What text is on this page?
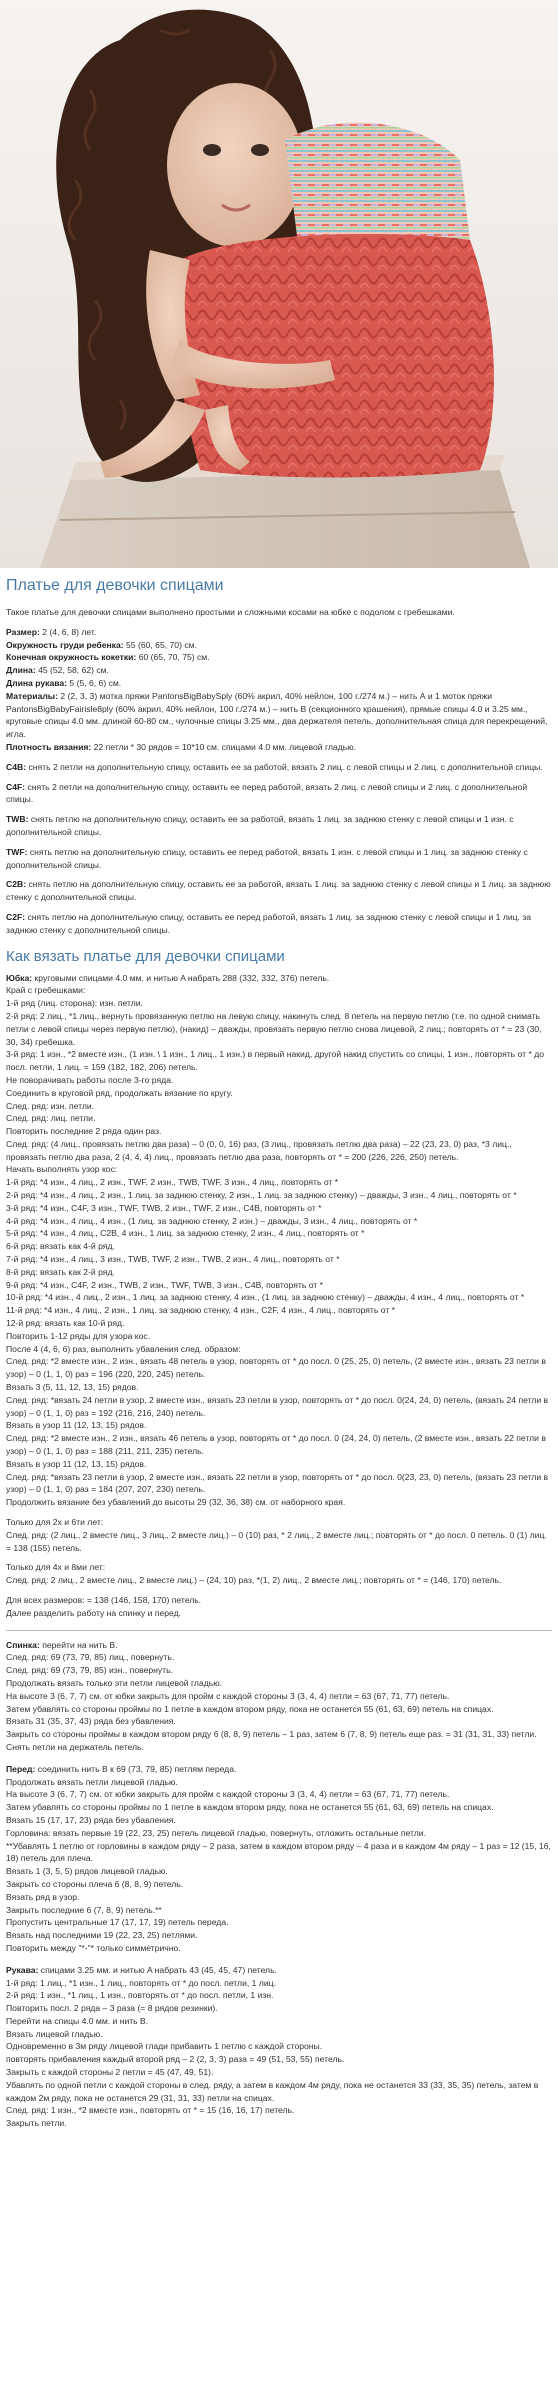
Платье для девочки спицами

Такое платье для девочки спицами выполнено простыми и сложными косами на юбке с подолом с гребешками.

Размер: 2 (4, 6, 8) лет.

Окружность груди ребенка: 55 (60, 65, 70) см.

Конечная окружность кокетки: 60 (65, 70, 75) см.

Длина: 45 (52, 58, 62) см.

Длина рукава: 5 (5, 6, 6) см.

Материалы: 2 (2, 3, 3) мотка пряжи PantonsBigBabySply (60% акрил, 40% нейлон, 100 г./274 м.) – нить А и 1 моток пряжи PantonsBigBabyFairisle8ply (60% акрил, 40% нейлон, 100 г./274 м.) – нить B (секционного крашения), прямые спицы 4.0 и 3.25 мм., круговые спицы 4.0 мм. длиной 60-80 см., чулочные спицы 3.25 мм., два держателя петель, дополнительная спица для перекрещений, игла.

Плотность вязания: 22 петли * 30 рядов = 10*10 см. спицами 4.0 мм. лицевой гладью.

C4B: снять 2 петли на дополнительную спицу, оставить ее за работой, вязать 2 лиц. с левой спицы и 2 лиц. с дополнительной спицы.

C4F: снять 2 петли на дополнительную спицу, оставить ее перед работой, вязать 2 лиц. с левой спицы и 2 лиц. с дополнительной спицы.

TWB: снять петлю на дополнительную спицу, оставить ее за работой, вязать 1 лиц. за заднюю стенку с левой спицы и 1 изн. с дополнительной спицы.

TWF: снять петлю на дополнительную спицу, оставить ее перед работой, вязать 1 изн. с левой спицы и 1 лиц. за заднюю стенку с дополнительной спицы.

C2B: снять петлю на дополнительную спицу, оставить ее за работой, вязать 1 лиц. за заднюю стенку с левой спицы и 1 лиц. за заднюю стенку с дополнительной спицы.

C2F: снять петлю на дополнительную спицу, оставить ее перед работой, вязать 1 лиц. за заднюю стенку с левой спицы и 1 лиц. за заднюю стенку с дополнительной спицы.

Как вязать платье для девочки спицами

Юбка: круговыми спицами 4.0 мм. и нитью A набрать 288 (332, 332, 376) петель.

Край с гребешками:

1-й ряд (лиц. сторона): изн. петли.

2-й ряд: 2 лиц., *1 лиц., вернуть провязанную петлю на левую спицу, накинуть след. 8 петель на первую петлю (т.е. по одной снимать петли с левой спицы через первую петлю), (накид) – дважды, провязать первую петлю снова лицевой, 2 лиц.; повторять от * = 23 (30, 30, 34) гребешка.

3-й ряд: 1 изн., *2 вместе изн., (1 изн. \ 1 изн., 1 лиц., 1 изн.) в первый накид, другой накид спустить со спицы, 1 изн., повторять от * до посл. петли, 1 лиц. = 159 (182, 182, 206) петель.

Не поворачивать работы после 3-го ряда.

Соединить в круговой ряд, продолжать вязание по кругу.

След. ряд: изн. петли.

След. ряд: лиц. петли.

Повторить последние 2 ряда один раз.

След. ряд: (4 лиц., провязать петлю два раза) – 0 (0, 0, 16) раз, (3 лиц., провязать петлю два раза) – 22 (23, 23, 0) раз, *3 лиц., провязать петлю два раза, 2 (4, 4, 4) лиц., провязать петлю два раза, повторять от * = 200 (226, 226, 250) петель.

Начать выполнять узор кос:

1-й ряд: *4 изн., 4 лиц., 2 изн., TWF, 2 изн., TWB, TWF, 3 изн., 4 лиц., повторять от *

2-й ряд: *4 изн., 4 лиц., 2 изн., 1 лиц. за заднюю стенку, 2 изн., 1 лиц. за заднюю стенку) – дважды, 3 изн., 4 лиц., повторять от *

3-й ряд: *4 изн., C4F, 3 изн., TWF, TWB, 2 изн., TWF, 2 изн., C4B, повторять от *

4-й ряд: *4 изн., 4 лиц., 4 изн., (1 лиц. за заднюю стенку, 2 изн.) – дважды, 3 изн., 4 лиц., повторять от *

5-й ряд: *4 изн., 4 лиц., C2B, 4 изн., 1 лиц. за заднюю стенку, 2 изн., 4 лиц., повторять от *

6-й ряд: вязать как 4-й ряд.

7-й ряд: *4 изн., 4 лиц., 3 изн., TWB, TWF, 2 изн., TWB, 2 изн., 4 лиц., повторять от *

8-й ряд: вязать как 2-й ряд.

9-й ряд: *4 изн., C4F, 2 изн., TWB, 2 изн., TWF, TWB, 3 изн., C4B, повторять от *

10-й ряд: *4 изн., 4 лиц., 2 изн., 1 лиц. за заднюю стенку, 4 изн., (1 лиц. за заднюю стенку) – дважды, 4 изн., 4 лиц., повторять от *

11-й ряд: *4 изн., 4 лиц., 2 изн., 1 лиц. за заднюю стенку, 4 изн., C2F, 4 изн., 4 лиц., повторять от *

12-й ряд: вязать как 10-й ряд.

Повторить 1-12 ряды для узора кос.

После 4 (4, 6, 6) раз, выполнить убавления след. образом:

След. ряд: *2 вместе изн., 2 изн., вязать 48 петель в узор, повторять от * до посл. 0 (25, 25, 0) петель, (2 вместе изн., вязать 23 петли в узор) – 0 (1, 1, 0) раз = 196 (220, 220, 245) петель.

Вязать 3 (5, 11, 12, 13, 15) рядов.

След. ряд: *вязать 24 петли в узор, 2 вместе изн., вязать 23 петли в узор, повторять от * до посл. 0(24, 24, 0) петель, (вязать 24 петли в узор) – 0 (1, 1, 0) раз = 192 (216, 216, 240) петель.

Вязать в узор 11 (12, 13, 15) рядов.

След. ряд: *2 вместе изн., 2 изн., вязать 46 петель в узор, повторять от * до посл. 0 (24, 24, 0) петель, (2 вместе изн., вязать 22 петли в узор) – 0 (1, 1, 0) раз = 188 (211, 211, 235) петель.

Вязать в узор 11 (12, 13, 15) рядов.

След. ряд: *вязать 23 петли в узор, 2 вместе изн., вязать 22 петли в узор, повторять от * до посл. 0(23, 23, 0) петель, (вязать 23 петли в узор) – 0 (1, 1, 0) раз = 184 (207, 207, 230) петель.

Продолжить вязание без убавлений до высоты 29 (32, 36, 38) см. от наборного края.

Только для 2х и 6ти лет:

След. ряд: (2 лиц., 2 вместе лиц., 3 лиц., 2 вместе лиц.) – 0 (10) раз, * 2 лиц., 2 вместе лиц.; повторять от * до посл. 0 петель. 0 (1) лиц. = 138 (155) петель.

Только для 4х и 8ми лет:

След. ряд: 2 лиц., 2 вместе лиц., 2 вместе лиц.) – (24, 10) раз, *(1, 2) лиц., 2 вместе лиц.; повторять от * = (146, 170) петель.

Для всех размеров: = 138 (146, 158, 170) петель.

Далее разделить работу на спинку и перед.

Спинка: перейти на нить B.

След. ряд: 69 (73, 79, 85) лиц., повернуть.

След. ряд: 69 (73, 79, 85) изн., повернуть.

Продолжать вязать только эти петли лицевой гладью.

На высоте 3 (6, 7, 7) см. от юбки закрыть для пройм с каждой стороны 3 (3, 4, 4) петли = 63 (67, 71, 77) петель.

Затем убавлять со стороны проймы по 1 петле в каждом втором ряду, пока не останется 55 (61, 63, 69) петель на спицах.

Вязать 31 (35, 37, 43) ряда без убавления.

Закрыть со стороны проймы в каждом втором ряду 6 (8, 8, 9) петель – 1 раз, затем 6 (7, 8, 9) петель еще раз. = 31 (31, 31, 33) петли.

Снять петли на держатель петель.

Перед: соединить нить B к 69 (73, 79, 85) петлям переда.

Продолжать вязать петли лицевой гладью.

На высоте 3 (6, 7, 7) см. от юбки закрыть для пройм с каждой стороны 3 (3, 4, 4) петли = 63 (67, 71, 77) петель.

Затем убавлять со стороны проймы по 1 петле в каждом втором ряду, пока не останется 55 (61, 63, 69) петель на спицах.

Вязать 15 (17, 17, 23) ряда без убавления.

Горловина: вязать первые 19 (22, 23, 25) петель лицевой гладью, повернуть, отложить остальные петли.

**Убавлять 1 петлю от горловины в каждом ряду – 2 раза, затем в каждом втором ряду – 4 раза и в каждом 4м ряду – 1 раз = 12 (15, 16, 18) петель для плеча.

Вязать 1 (3, 5, 5) рядов лицевой гладью.

Закрыть со стороны плеча 6 (8, 8, 9) петель.

Вязать ряд в узор.

Закрыть последние 6 (7, 8, 9) петель.**

Пропустить центральные 17 (17, 17, 19) петель переда.

Вязать над последними 19 (22, 23, 25) петлями.

Повторить между "*-"* только симметрично.

Рукава: спицами 3.25 мм. и нитью A набрать 43 (45, 45, 47) петель.

1-й ряд: 1 лиц., *1 изн., 1 лиц., повторять от * до посл. петли, 1 лиц.

2-й ряд: 1 изн., *1 лиц., 1 изн., повторять от * до посл. петли, 1 изн.

Повторить посл. 2 ряда – 3 раза (= 8 рядов резинки).

Перейти на спицы 4.0 мм. и нить B.

Вязать лицевой гладью.

Одновременно в 3м ряду лицевой глади прибавить 1 петлю с каждой стороны.

повторять прибавления каждый второй ряд – 2 (2, 3, 3) раза = 49 (51, 53, 55) петель.

Закрыть с каждой стороны 2 петли = 45 (47, 49, 51).

Убавлять по одной петли с каждой стороны в след. ряду, а затем в каждом 4м ряду, пока не останется 33 (33, 35, 35) петель, затем в каждом 2м ряду, пока не останется 29 (31, 31, 33) петли на спицах.

След. ряд: 1 изн., *2 вместе изн., повторять от * = 15 (16, 16, 17) петель.

Закрыть петли.
